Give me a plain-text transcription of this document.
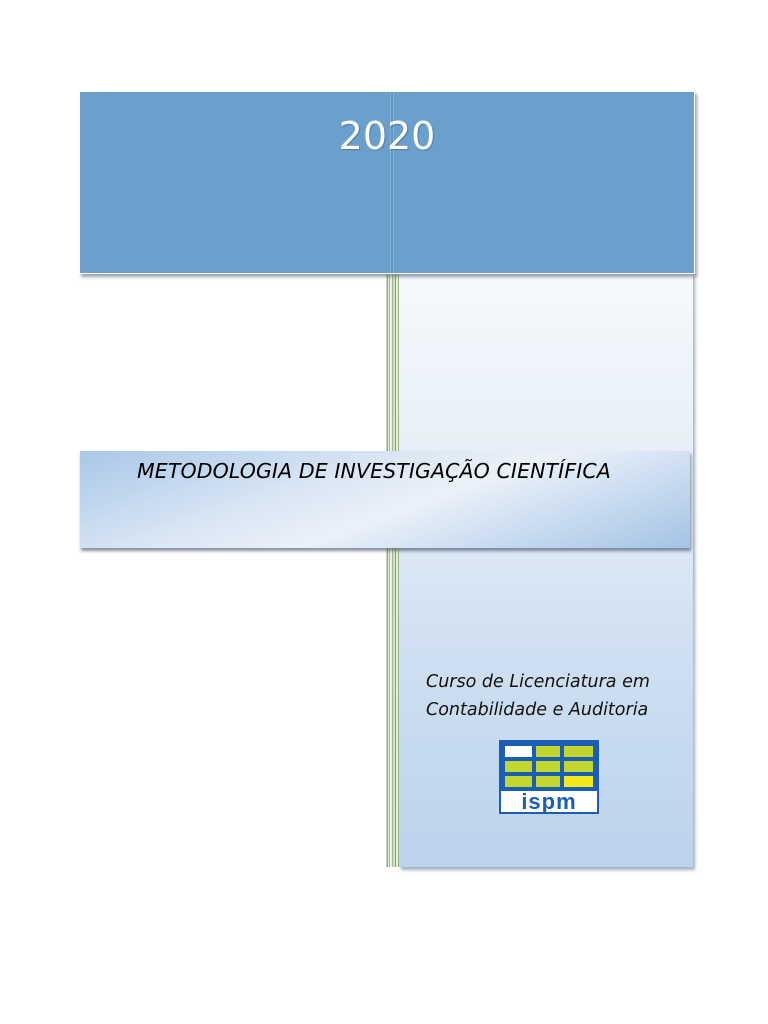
2020
METODOLOGIA DE INVESTIGAÇÃO CIENTÍFICA
Curso de Licenciatura em
Contabilidade e Auditoria
ispm
